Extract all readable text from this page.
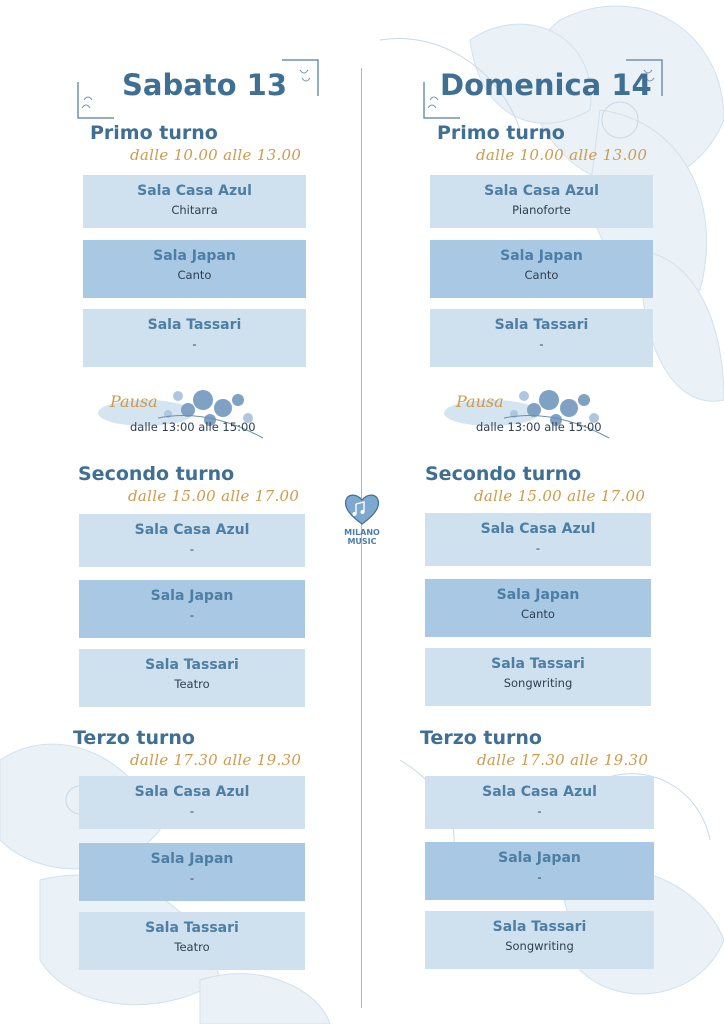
Sabato 13
Primo turno
dalle 10.00 alle 13.00
Sala Casa Azul
Chitarra
Sala Japan
Canto
Sala Tassari
-
Pausa
dalle 13:00 alle 15:00
Secondo turno
dalle 15.00 alle 17.00
Sala Casa Azul
-
Sala Japan
-
Sala Tassari
Teatro
Terzo turno
dalle 17.30 alle 19.30
Sala Casa Azul
-
Sala Japan
-
Sala Tassari
Teatro
Domenica 14
Primo turno
dalle 10.00 alle 13.00
Sala Casa Azul
Pianoforte
Sala Japan
Canto
Sala Tassari
-
Pausa
dalle 13:00 alle 15:00
Secondo turno
dalle 15.00 alle 17.00
Sala Casa Azul
-
Sala Japan
Canto
Sala Tassari
Songwriting
Terzo turno
dalle 17.30 alle 19.30
Sala Casa Azul
-
Sala Japan
-
Sala Tassari
Songwriting
MILANO
MUSIC
